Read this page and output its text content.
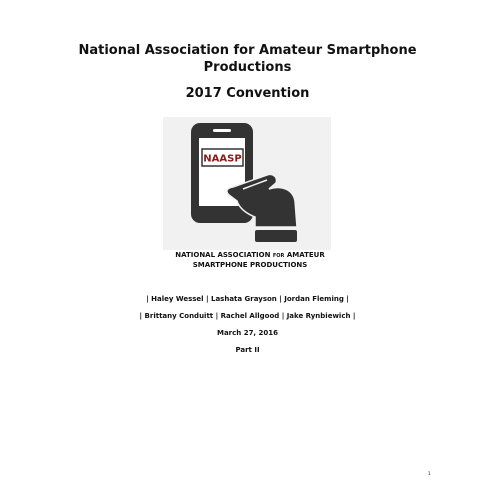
National Association for Amateur Smartphone Productions
2017 Convention
NAASP

NATIONAL ASSOCIATION FOR AMATEUR
SMARTPHONE PRODUCTIONS

| Haley Wessel | Lashata Grayson | Jordan Fleming |

| Brittany Conduitt | Rachel Allgood | Jake Rynbiewich |

March 27, 2016

Part II

1
